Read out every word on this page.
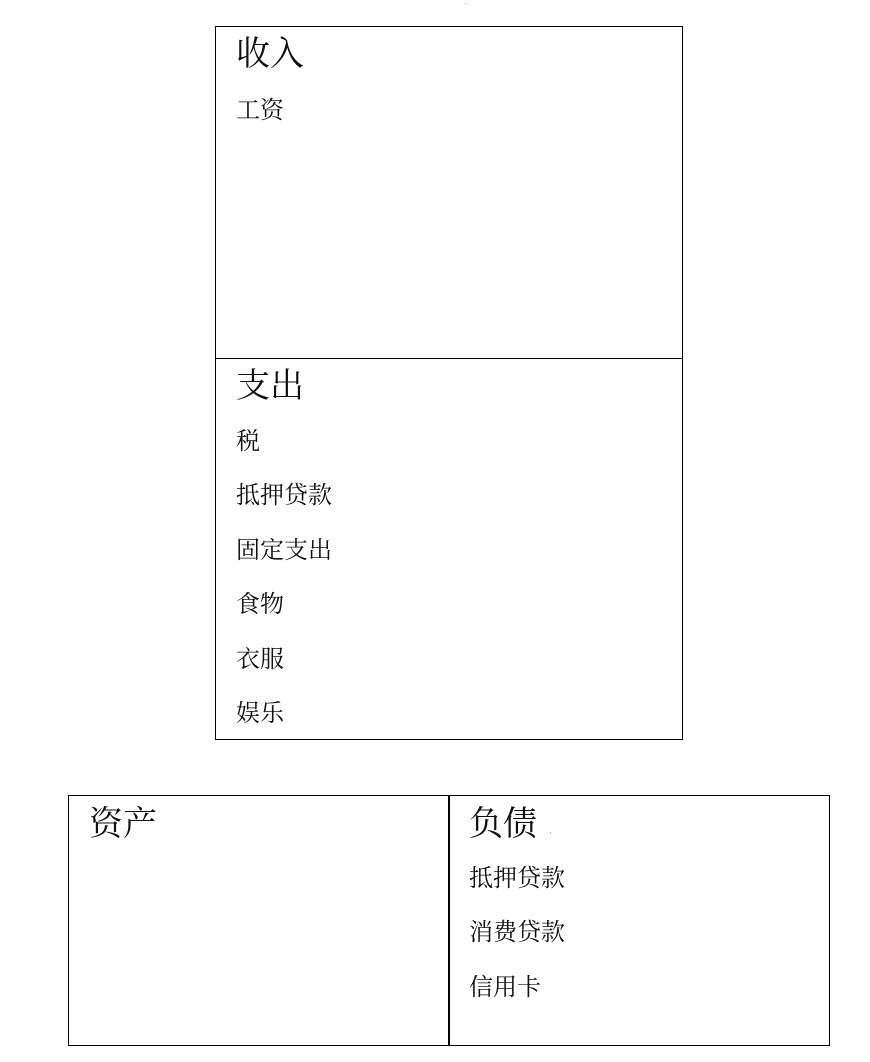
收入
工资
支出
税
抵押贷款
固定支出
食物
衣服
娱乐
资产	负债
抵押贷款
消费贷款
信用卡
